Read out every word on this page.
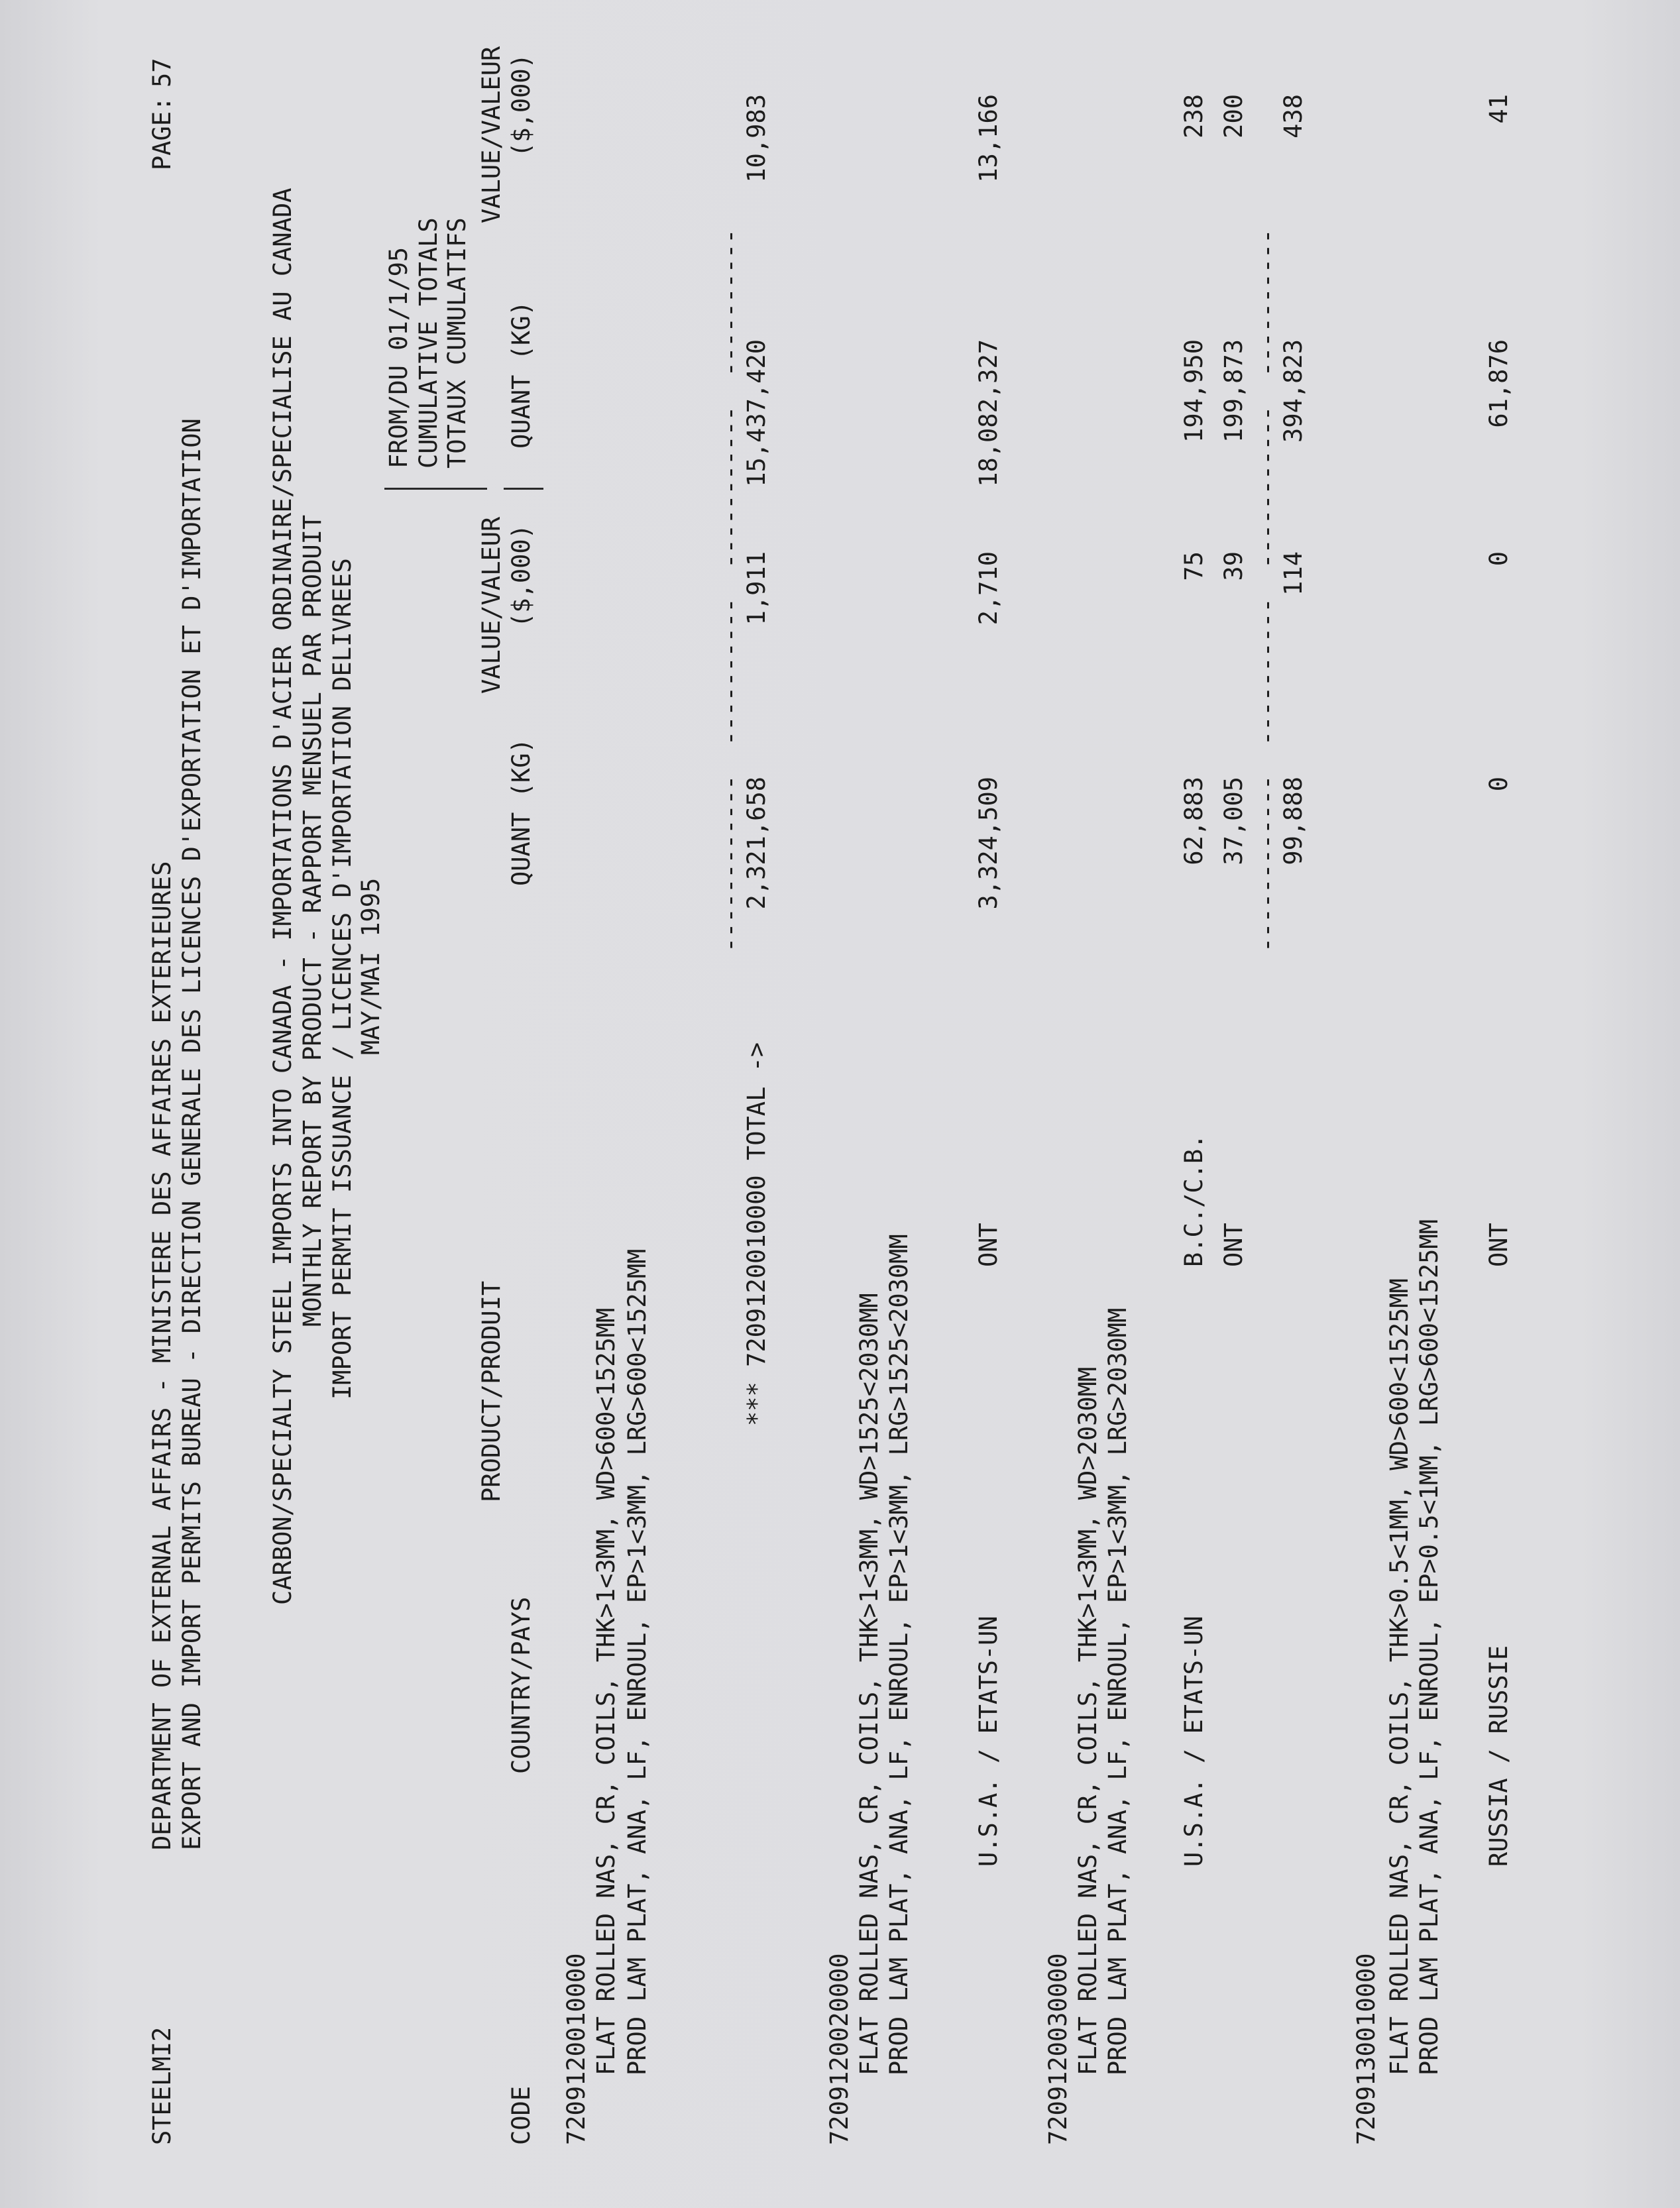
STEELMI2

DEPARTMENT OF EXTERNAL AFFAIRS - MINISTERE DES AFFAIRES EXTERIEURES

EXPORT AND IMPORT PERMITS BUREAU - DIRECTION GENERALE DES LICENCES D'EXPORTATION ET D'IMPORTATION

PAGE:

57

CARBON/SPECIALTY STEEL IMPORTS INTO CANADA - IMPORTATIONS D'ACIER ORDINAIRE/SPECIALISE AU CANADA

MONTHLY REPORT BY PRODUCT - RAPPORT MENSUEL PAR PRODUIT

IMPORT PERMIT ISSUANCE / LICENCES D'IMPORTATION DELIVREES

MAY/MAI 1995

FROM/DU 01/1/95

CUMULATIVE TOTALS

TOTAUX CUMULATIFS

PRODUCT/PRODUIT

VALUE/VALEUR

VALUE/VALEUR

CODE

COUNTRY/PAYS

QUANT (KG)

($,000)

QUANT (KG)

($,000)

7209120010000

FLAT ROLLED NAS, CR, COILS, THK>1<3MM, WD>600<1525MM

PROD LAM PLAT, ANA, LF, ENROUL, EP>1<3MM, LRG>600<1525MM

------------  ----------  -----------  ----------

*** 7209120010000 TOTAL ->

2,321,658

1,911

15,437,420

10,983

7209120020000

FLAT ROLLED NAS, CR, COILS, THK>1<3MM, WD>1525<2030MM

PROD LAM PLAT, ANA, LF, ENROUL, EP>1<3MM, LRG>1525<2030MM

U.S.A. / ETATS-UN

ONT

3,324,509

2,710

18,082,327

13,166

7209120030000

FLAT ROLLED NAS, CR, COILS, THK>1<3MM, WD>2030MM

PROD LAM PLAT, ANA, LF, ENROUL, EP>1<3MM, LRG>2030MM

U.S.A. / ETATS-UN

B.C./C.B.

62,883

75

194,950

238

ONT

37,005

39

199,873

200

------------  ----------  -----------  ----------

99,888

114

394,823

438

7209130010000

FLAT ROLLED NAS, CR, COILS, THK>0.5<1MM, WD>600<1525MM

PROD LAM PLAT, ANA, LF, ENROUL, EP>0.5<1MM, LRG>600<1525MM

RUSSIA / RUSSIE

ONT

0

0

61,876

41
